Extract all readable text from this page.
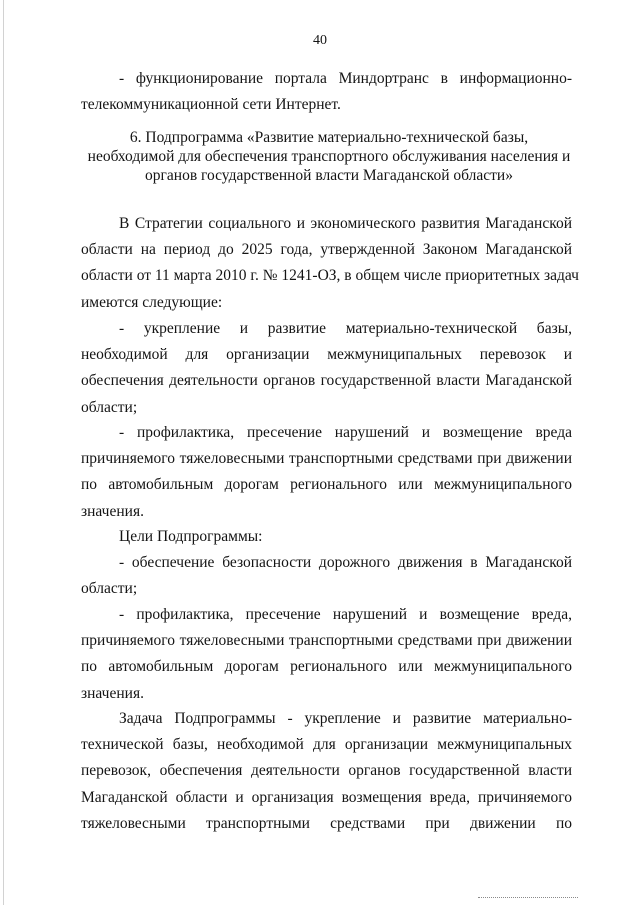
40
- функционирование портала Миндортранс в информационно-
телекоммуникационной сети Интернет.
6. Подпрограмма «Развитие материально-технической базы,
необходимой для обеспечения транспортного обслуживания населения и
органов государственной власти Магаданской области»
В Стратегии социального и экономического развития Магаданской
области на период до 2025 года, утвержденной Законом Магаданской
области от 11 марта 2010 г. № 1241-ОЗ, в общем числе приоритетных задач
имеются следующие:
- укрепление и развитие материально-технической базы,
необходимой для организации межмуниципальных перевозок и
обеспечения деятельности органов государственной власти Магаданской
области;
- профилактика, пресечение нарушений и возмещение вреда
причиняемого тяжеловесными транспортными средствами при движении
по автомобильным дорогам регионального или межмуниципального
значения.
Цели Подпрограммы:
- обеспечение безопасности дорожного движения в Магаданской
области;
- профилактика, пресечение нарушений и возмещение вреда,
причиняемого тяжеловесными транспортными средствами при движении
по автомобильным дорогам регионального или межмуниципального
значения.
Задача Подпрограммы - укрепление и развитие материально-
технической базы, необходимой для организации межмуниципальных
перевозок, обеспечения деятельности органов государственной власти
Магаданской области и организация возмещения вреда, причиняемого
тяжеловесными транспортными средствами при движении по
